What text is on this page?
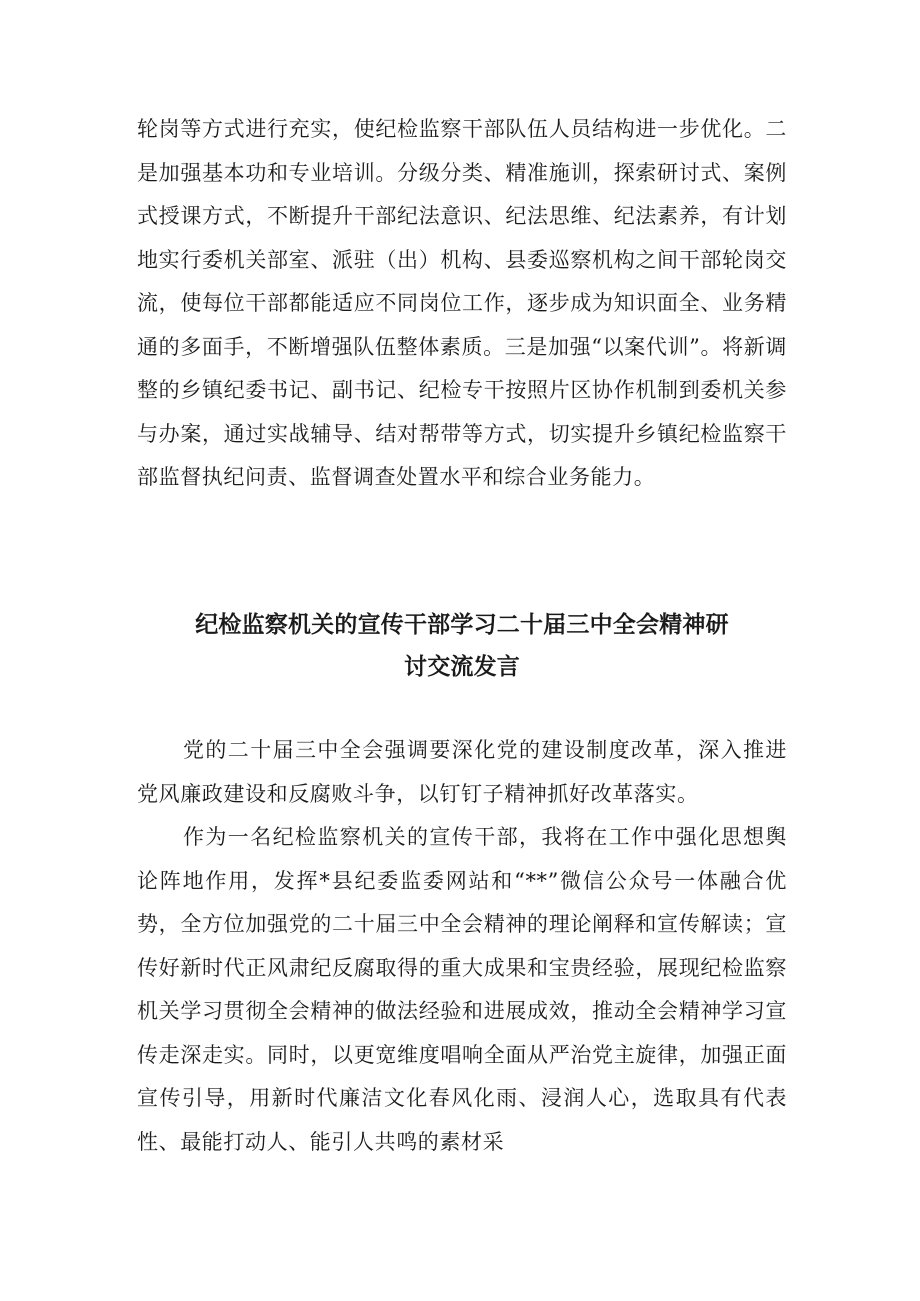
轮岗等方式进行充实，使纪检监察干部队伍人员结构进一步优化。二是加强基本功和专业培训。分级分类、精准施训，探索研讨式、案例式授课方式，不断提升干部纪法意识、纪法思维、纪法素养，有计划地实行委机关部室、派驻（出）机构、县委巡察机构之间干部轮岗交流，使每位干部都能适应不同岗位工作，逐步成为知识面全、业务精通的多面手，不断增强队伍整体素质。三是加强“以案代训”。将新调整的乡镇纪委书记、副书记、纪检专干按照片区协作机制到委机关参与办案，通过实战辅导、结对帮带等方式，切实提升乡镇纪检监察干部监督执纪问责、监督调查处置水平和综合业务能力。

纪检监察机关的宣传干部学习二十届三中全会精神研
讨交流发言

党的二十届三中全会强调要深化党的建设制度改革，深入推进党风廉政建设和反腐败斗争，以钉钉子精神抓好改革落实。

作为一名纪检监察机关的宣传干部，我将在工作中强化思想舆论阵地作用，发挥*县纪委监委网站和“**”微信公众号一体融合优势，全方位加强党的二十届三中全会精神的理论阐释和宣传解读；宣传好新时代正风肃纪反腐取得的重大成果和宝贵经验，展现纪检监察机关学习贯彻全会精神的做法经验和进展成效，推动全会精神学习宣传走深走实。同时，以更宽维度唱响全面从严治党主旋律，加强正面宣传引导，用新时代廉洁文化春风化雨、浸润人心，选取具有代表性、最能打动人、能引人共鸣的素材采
